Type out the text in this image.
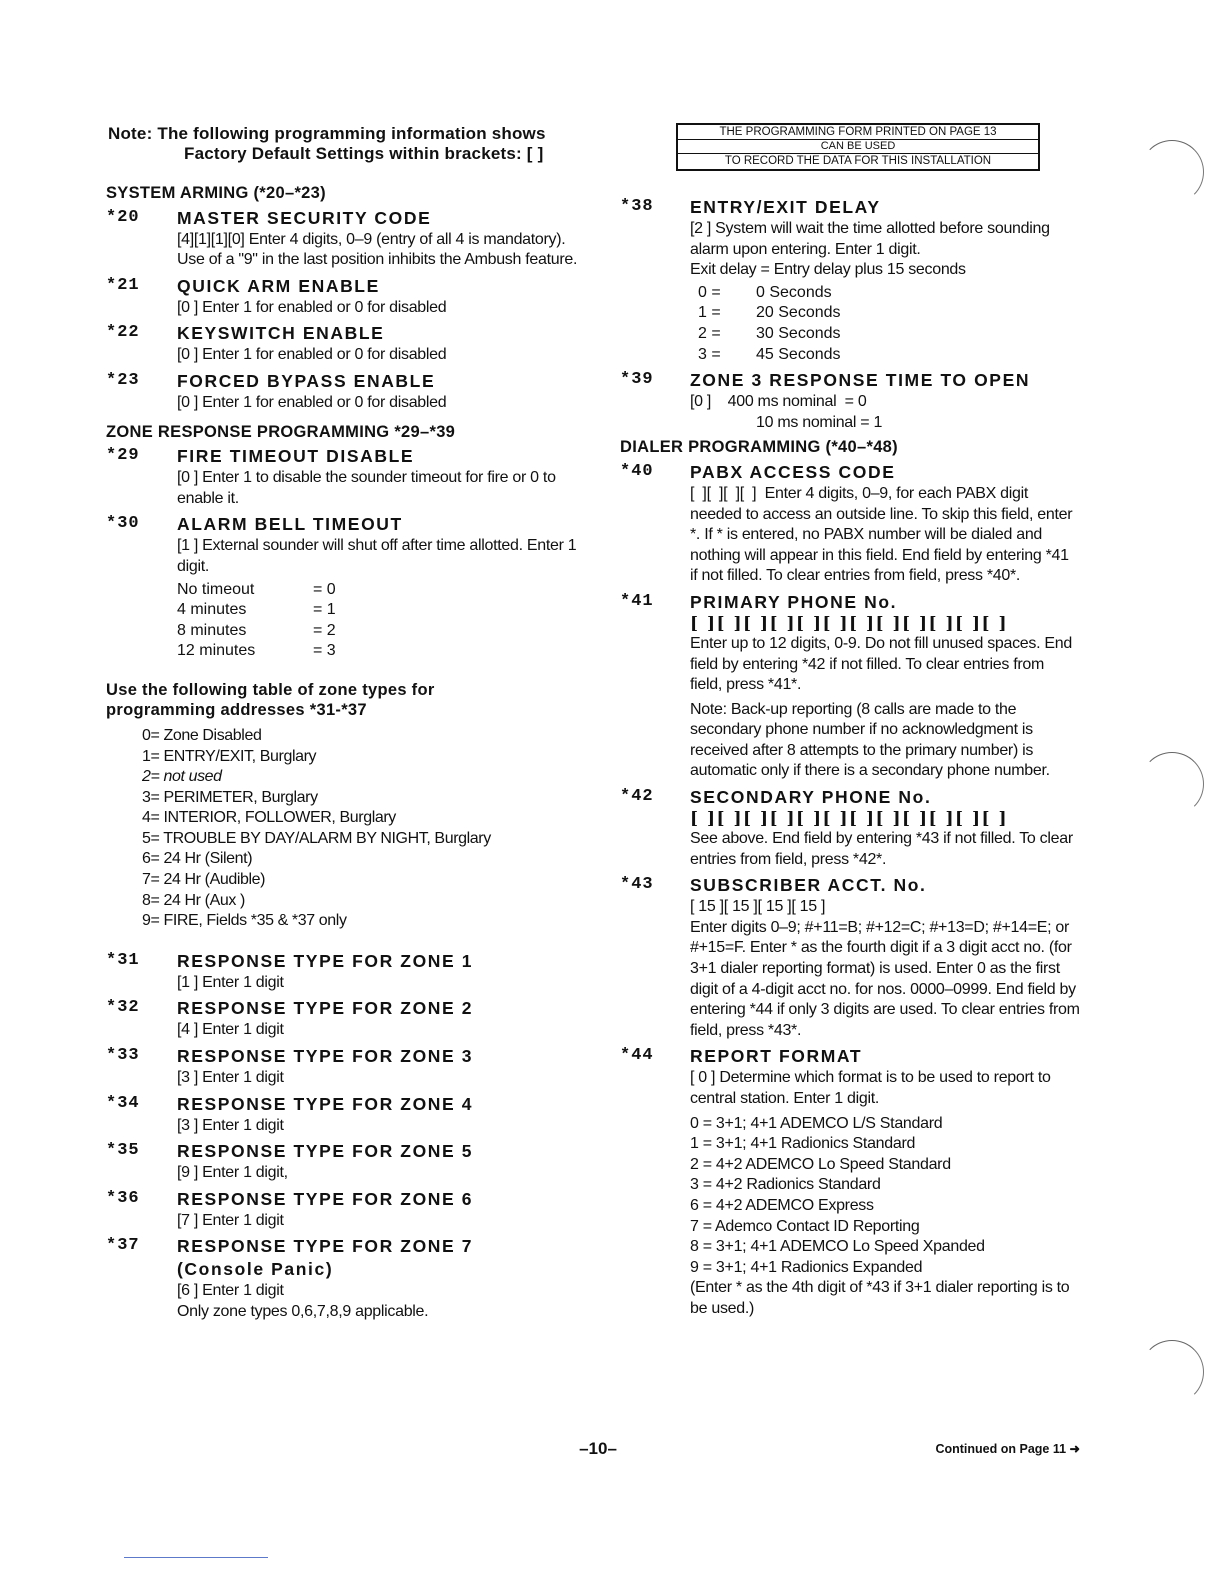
Note: The following programming information shows
Factory Default Settings within brackets: [ ]
THE PROGRAMMING FORM PRINTED ON PAGE 13
CAN BE USED
TO RECORD THE DATA FOR THIS INSTALLATION
SYSTEM ARMING (*20–*23)
*20 MASTER SECURITY CODE
[4][1][1][0] Enter 4 digits, 0–9 (entry of all 4 is mandatory). Use of a "9" in the last position inhibits the Ambush feature.
*21 QUICK ARM ENABLE
[0 ] Enter 1 for enabled or 0 for disabled
*22 KEYSWITCH ENABLE
[0 ] Enter 1 for enabled or 0 for disabled
*23 FORCED BYPASS ENABLE
[0 ] Enter 1 for enabled or 0 for disabled
ZONE RESPONSE PROGRAMMING *29–*39
*29 FIRE TIMEOUT DISABLE
[0 ] Enter 1 to disable the sounder timeout for fire or 0 to enable it.
*30 ALARM BELL TIMEOUT
[1 ] External sounder will shut off after time allotted. Enter 1 digit.
No timeout	= 0
4 minutes	= 1
8 minutes	= 2
12 minutes	= 3
Use the following table of zone types for programming addresses *31-*37
0= Zone Disabled
1= ENTRY/EXIT, Burglary
2= not used
3= PERIMETER, Burglary
4= INTERIOR, FOLLOWER, Burglary
5= TROUBLE BY DAY/ALARM BY NIGHT, Burglary
6= 24 Hr (Silent)
7= 24 Hr (Audible)
8= 24 Hr (Aux )
9= FIRE, Fields *35 & *37 only
*31 RESPONSE TYPE FOR ZONE 1
[1 ] Enter 1 digit
*32 RESPONSE TYPE FOR ZONE 2
[4 ] Enter 1 digit
*33 RESPONSE TYPE FOR ZONE 3
[3 ] Enter 1 digit
*34 RESPONSE TYPE FOR ZONE 4
[3 ] Enter 1 digit
*35 RESPONSE TYPE FOR ZONE 5
[9 ] Enter 1 digit,
*36 RESPONSE TYPE FOR ZONE 6
[7 ] Enter 1 digit
*37 RESPONSE TYPE FOR ZONE 7
(Console Panic)
[6 ] Enter 1 digit
Only zone types 0,6,7,8,9 applicable.
*38 ENTRY/EXIT DELAY
[2 ] System will wait the time allotted before sounding alarm upon entering. Enter 1 digit.
Exit delay = Entry delay plus 15 seconds
0 =	0 Seconds
1 =	20 Seconds
2 =	30 Seconds
3 =	45 Seconds
*39 ZONE 3 RESPONSE TIME TO OPEN
[0 ]    400 ms nominal  = 0
10 ms nominal = 1
DIALER PROGRAMMING (*40–*48)
*40 PABX ACCESS CODE
[  ][  ][  ][  ]  Enter 4 digits, 0–9, for each PABX digit needed to access an outside line. To skip this field, enter *. If * is entered, no PABX number will be dialed and nothing will appear in this field. End field by entering *41 if not filled. To clear entries from field, press *40*.
*41 PRIMARY PHONE No.
[ ][ ][ ][ ][ ][ ][ ][ ][ ][ ][ ][ ]
Enter up to 12 digits, 0-9. Do not fill unused spaces. End field by entering *42 if not filled. To clear entries from field, press *41*.
Note: Back-up reporting (8 calls are made to the secondary phone number if no acknowledgment is received after 8 attempts to the primary number) is automatic only if there is a secondary phone number.
*42 SECONDARY PHONE No.
[ ][ ][ ][ ][ ][ ][ ][ ][ ][ ][ ][ ]
See above. End field by entering *43 if not filled. To clear entries from field, press *42*.
*43 SUBSCRIBER ACCT. No.
[ 15 ][ 15 ][ 15 ][ 15 ]
Enter digits 0–9; #+11=B; #+12=C; #+13=D; #+14=E; or #+15=F. Enter * as the fourth digit if a 3 digit acct no. (for 3+1 dialer reporting format) is used. Enter 0 as the first digit of a 4-digit acct no. for nos. 0000–0999. End field by entering *44 if only 3 digits are used. To clear entries from field, press *43*.
*44 REPORT FORMAT
[ 0 ] Determine which format is to be used to report to central station. Enter 1 digit.
0 = 3+1; 4+1 ADEMCO L/S Standard
1 = 3+1; 4+1 Radionics Standard
2 = 4+2 ADEMCO Lo Speed Standard
3 = 4+2 Radionics Standard
6 = 4+2 ADEMCO Express
7 = Ademco Contact ID Reporting
8 = 3+1; 4+1 ADEMCO Lo Speed Xpanded
9 = 3+1; 4+1 Radionics Expanded
(Enter * as the 4th digit of *43 if 3+1 dialer reporting is to be used.)
–10–	Continued on Page 11 ➜
